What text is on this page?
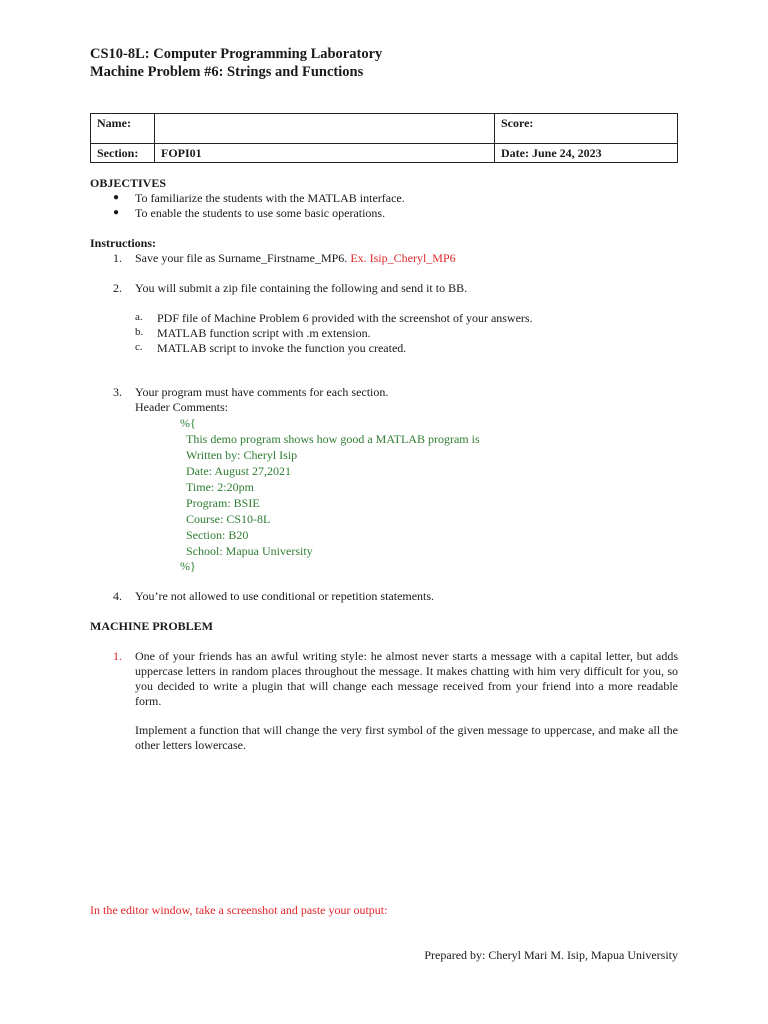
CS10-8L: Computer Programming Laboratory
Machine Problem #6: Strings and Functions
Name:		Score:
Section:	FOPI01	Date: June 24, 2023
OBJECTIVES
● To familiarize the students with the MATLAB interface.
● To enable the students to use some basic operations.
Instructions:
1. Save your file as Surname_Firstname_MP6. Ex. Isip_Cheryl_MP6
2. You will submit a zip file containing the following and send it to BB.
a. PDF file of Machine Problem 6 provided with the screenshot of your answers.
b. MATLAB function script with .m extension.
c. MATLAB script to invoke the function you created.
3. Your program must have comments for each section.
Header Comments:
%{
This demo program shows how good a MATLAB program is
Written by: Cheryl Isip
Date: August 27,2021
Time: 2:20pm
Program: BSIE
Course: CS10-8L
Section: B20
School: Mapua University
%}
4. You’re not allowed to use conditional or repetition statements.
MACHINE PROBLEM
1. One of your friends has an awful writing style: he almost never starts a message with a capital letter, but adds uppercase letters in random places throughout the message. It makes chatting with him very difficult for you, so you decided to write a plugin that will change each message received from your friend into a more readable form.
Implement a function that will change the very first symbol of the given message to uppercase, and make all the other letters lowercase.
In the editor window, take a screenshot and paste your output:
Prepared by: Cheryl Mari M. Isip, Mapua University
